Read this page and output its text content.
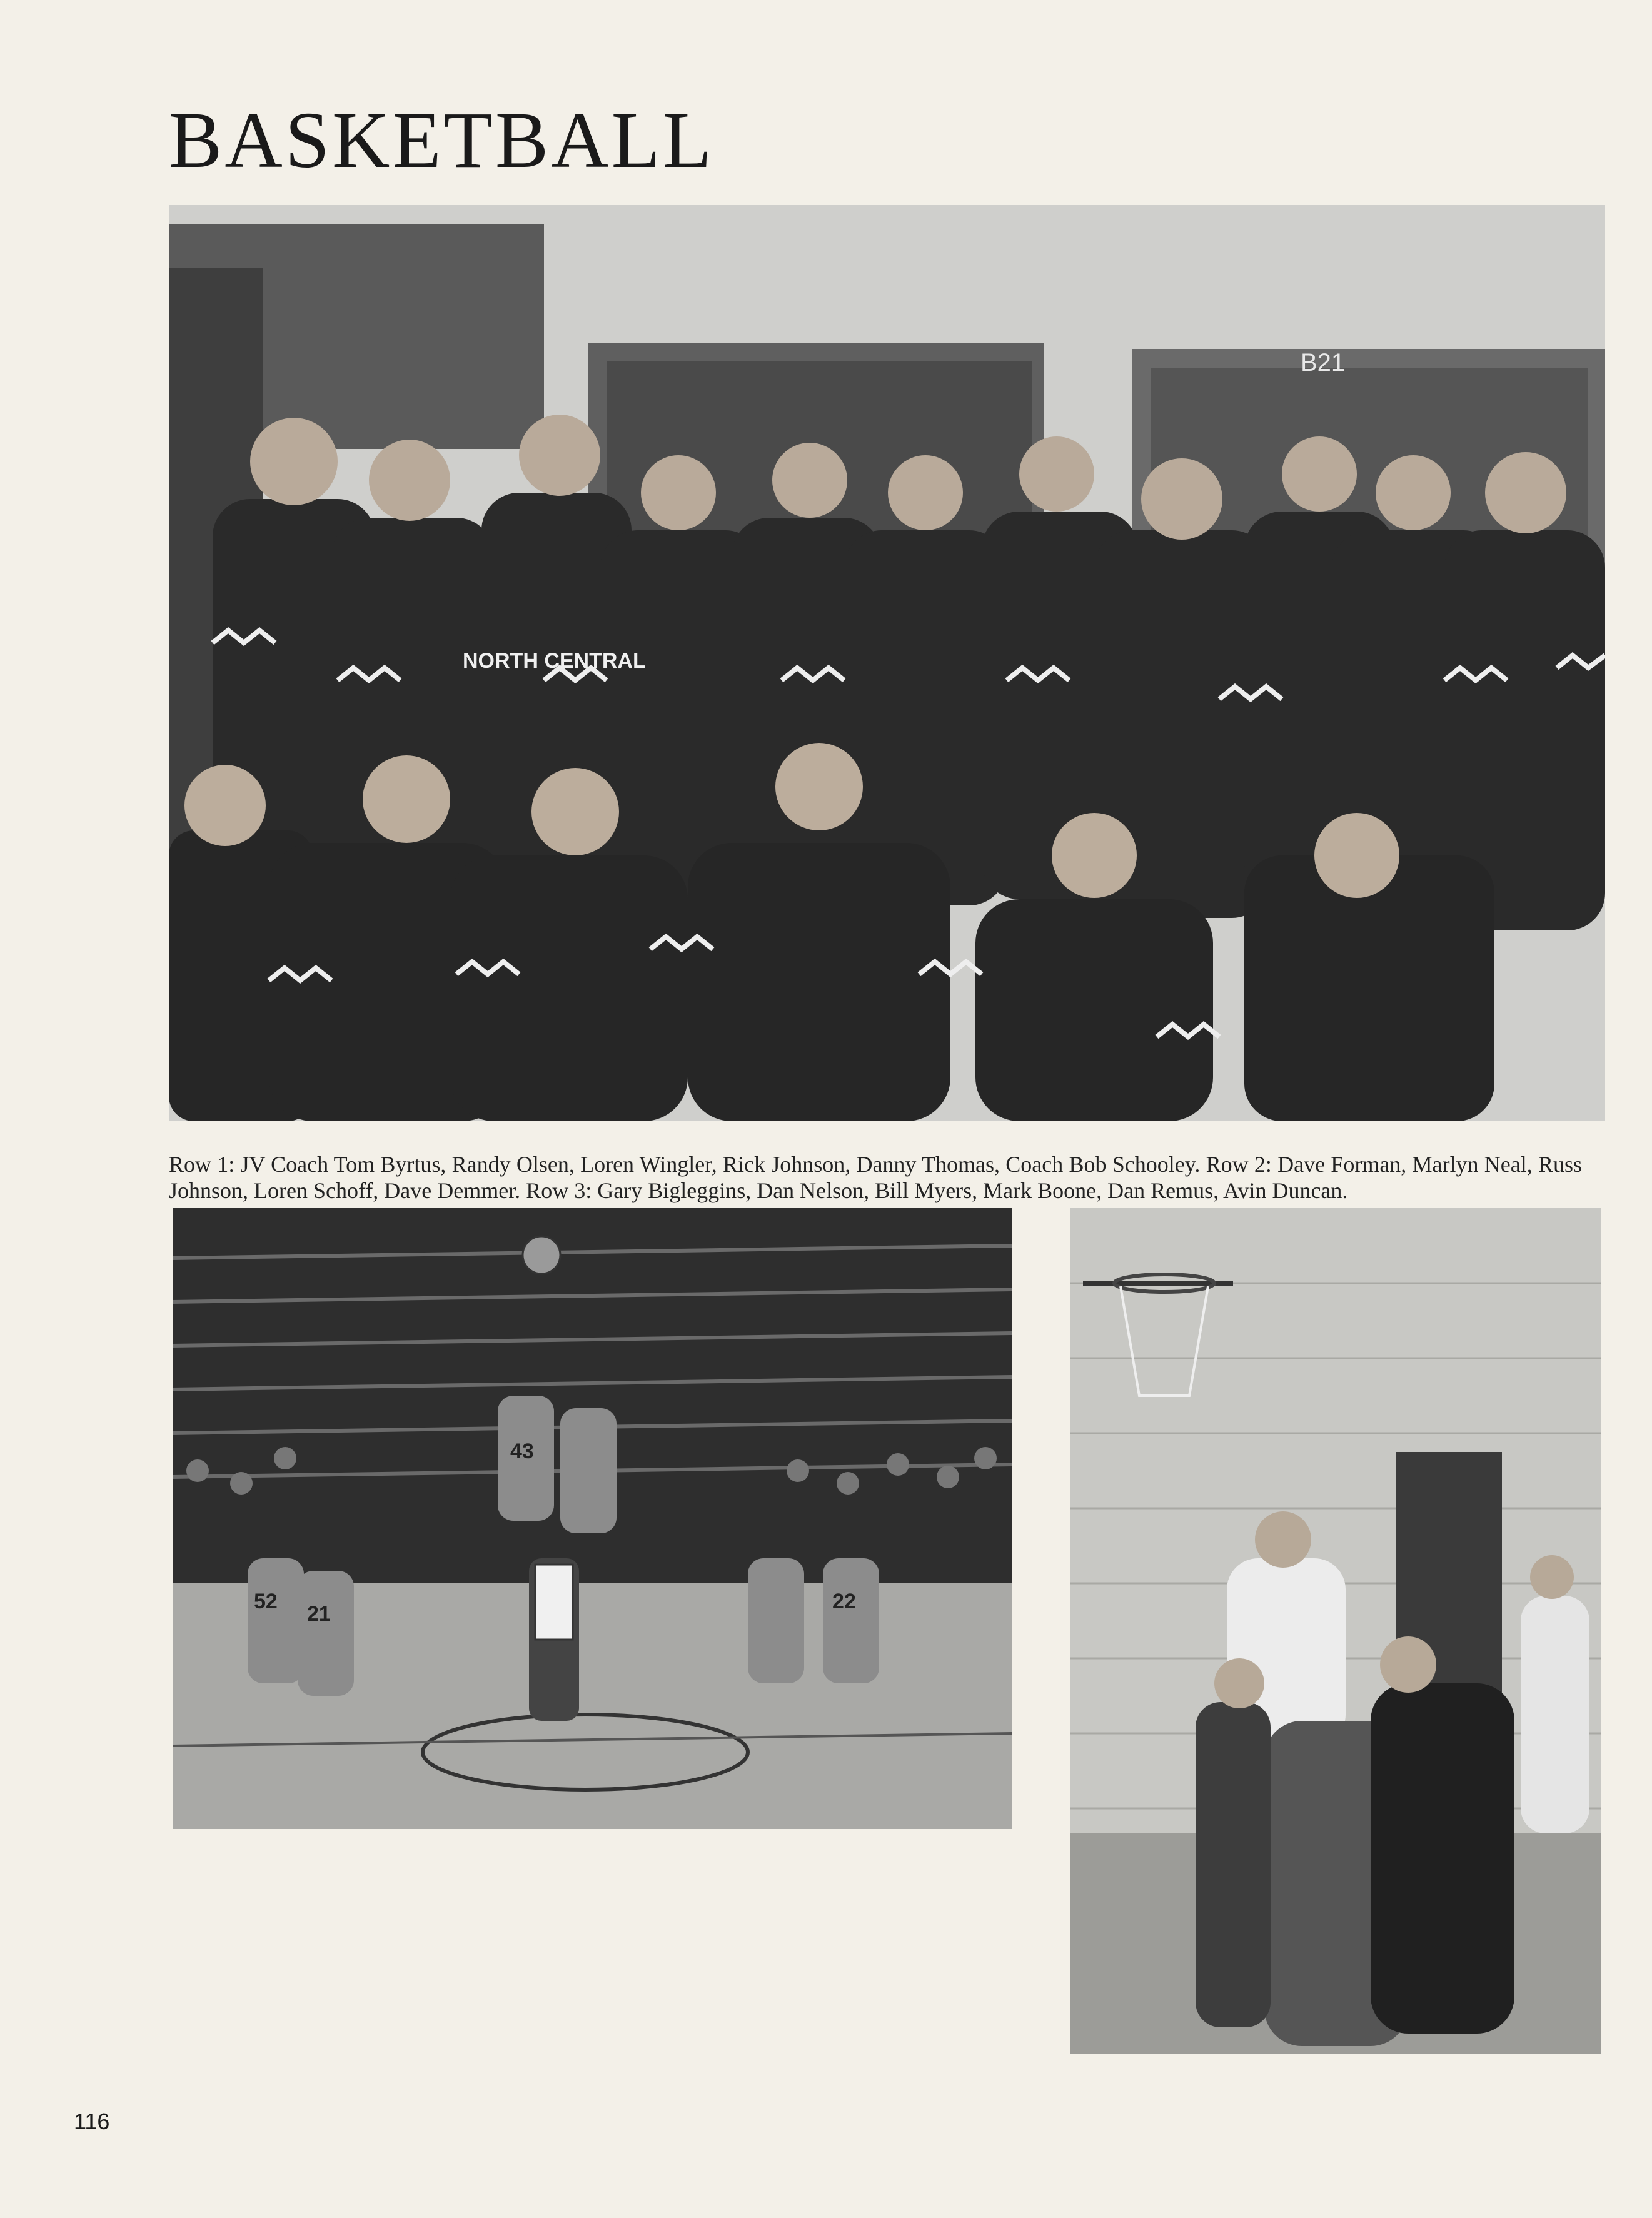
BASKETBALL
B21
NORTH CENTRAL

Row 1: JV Coach Tom Byrtus, Randy Olsen, Loren Wingler, Rick Johnson, Danny Thomas, Coach Bob Schooley. Row 2: Dave Forman, Marlyn Neal, Russ Johnson, Loren Schoff, Dave Demmer. Row 3: Gary Bigleggins, Dan Nelson, Bill Myers, Mark Boone, Dan Remus, Avin Duncan.

43
21
52	22
116
